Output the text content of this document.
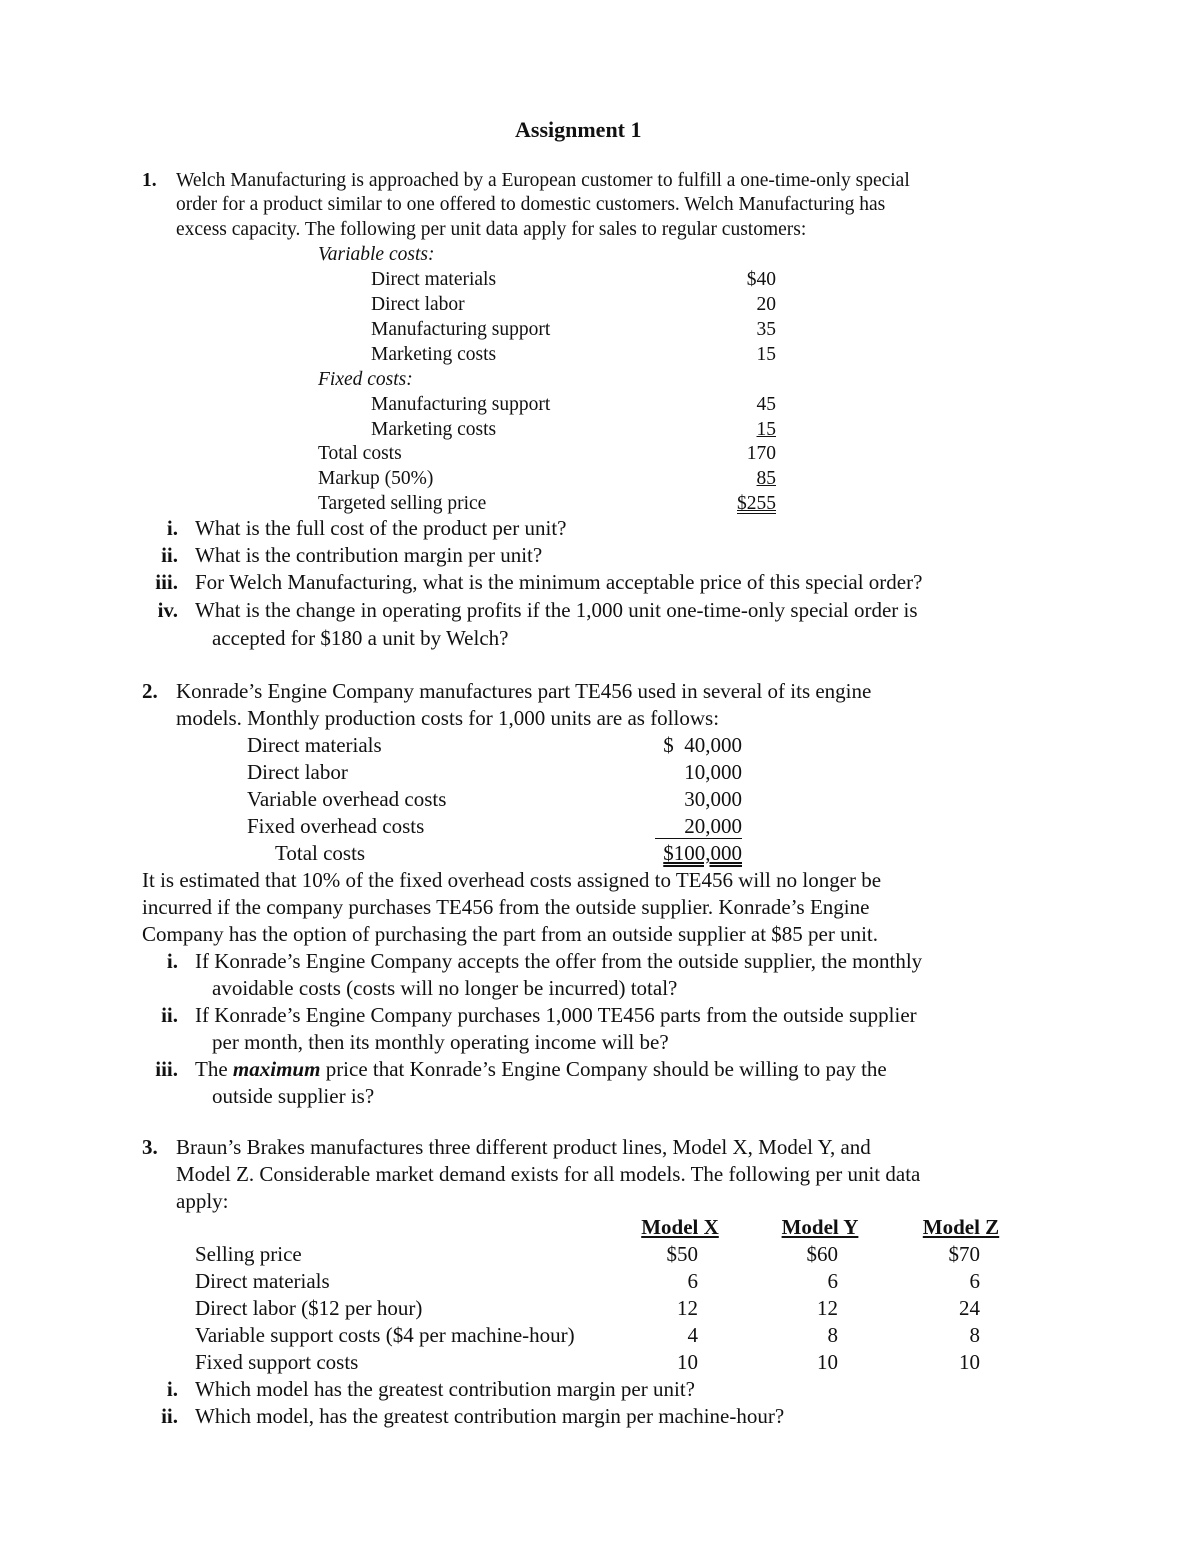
Assignment 1
1. Welch Manufacturing is approached by a European customer to fulfill a one-time-only special
order for a product similar to one offered to domestic customers. Welch Manufacturing has
excess capacity. The following per unit data apply for sales to regular customers:
Variable costs:
Direct materials	$40
Direct labor	20
Manufacturing support	35
Marketing costs	15
Fixed costs:
Manufacturing support	45
Marketing costs	15
Total costs	170
Markup (50%)	85
Targeted selling price	$255
i. What is the full cost of the product per unit?
ii. What is the contribution margin per unit?
iii. For Welch Manufacturing, what is the minimum acceptable price of this special order?
iv. What is the change in operating profits if the 1,000 unit one-time-only special order is
accepted for $180 a unit by Welch?
2. Konrade’s Engine Company manufactures part TE456 used in several of its engine
models. Monthly production costs for 1,000 units are as follows:
Direct materials	$  40,000
Direct labor	10,000
Variable overhead costs	30,000
Fixed overhead costs	20,000
Total costs	$100,000
It is estimated that 10% of the fixed overhead costs assigned to TE456 will no longer be
incurred if the company purchases TE456 from the outside supplier. Konrade’s Engine
Company has the option of purchasing the part from an outside supplier at $85 per unit.
i. If Konrade’s Engine Company accepts the offer from the outside supplier, the monthly
avoidable costs (costs will no longer be incurred) total?
ii. If Konrade’s Engine Company purchases 1,000 TE456 parts from the outside supplier
per month, then its monthly operating income will be?
iii. The maximum price that Konrade’s Engine Company should be willing to pay the
outside supplier is?
3. Braun’s Brakes manufactures three different product lines, Model X, Model Y, and
Model Z. Considerable market demand exists for all models. The following per unit data
apply:
Model X	Model Y	Model Z
Selling price	$50	$60	$70
Direct materials	6	6	6
Direct labor ($12 per hour)	12	12	24
Variable support costs ($4 per machine-hour)	4	8	8
Fixed support costs	10	10	10
i. Which model has the greatest contribution margin per unit?
ii. Which model, has the greatest contribution margin per machine-hour?
